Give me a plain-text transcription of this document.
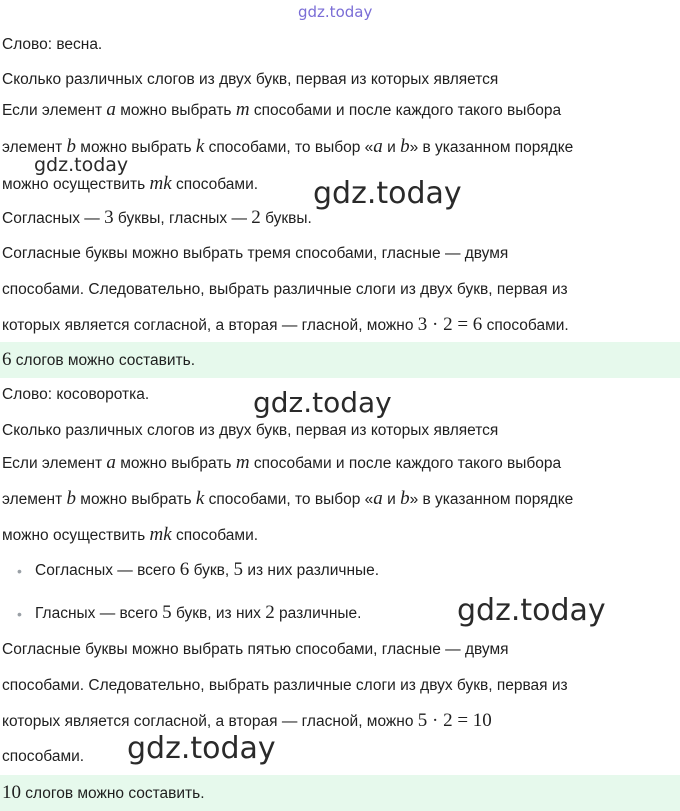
gdz.today
gdz.today
gdz.today
gdz.today
gdz.today
gdz.today
Слово: весна.
Сколько различных слогов из двух букв, первая из которых является
Если элемент a можно выбрать m способами и после каждого такого выбора
элемент b можно выбрать k способами, то выбор «a и b» в указанном порядке
можно осуществить mk способами.
Согласных — 3 буквы, гласных — 2 буквы.
Согласные буквы можно выбрать тремя способами, гласные — двумя
способами. Следовательно, выбрать различные слоги из двух букв, первая из
которых является согласной, а вторая — гласной, можно 3 · 2 = 6 способами.
6 слогов можно составить.
Слово: косоворотка.
Сколько различных слогов из двух букв, первая из которых является
Если элемент a можно выбрать m способами и после каждого такого выбора
элемент b можно выбрать k способами, то выбор «a и b» в указанном порядке
можно осуществить mk способами.
• Согласных — всего 6 букв, 5 из них различные.
• Гласных — всего 5 букв, из них 2 различные.
Согласные буквы можно выбрать пятью способами, гласные — двумя
способами. Следовательно, выбрать различные слоги из двух букв, первая из
которых является согласной, а вторая — гласной, можно 5 · 2 = 10
способами.
10 слогов можно составить.
